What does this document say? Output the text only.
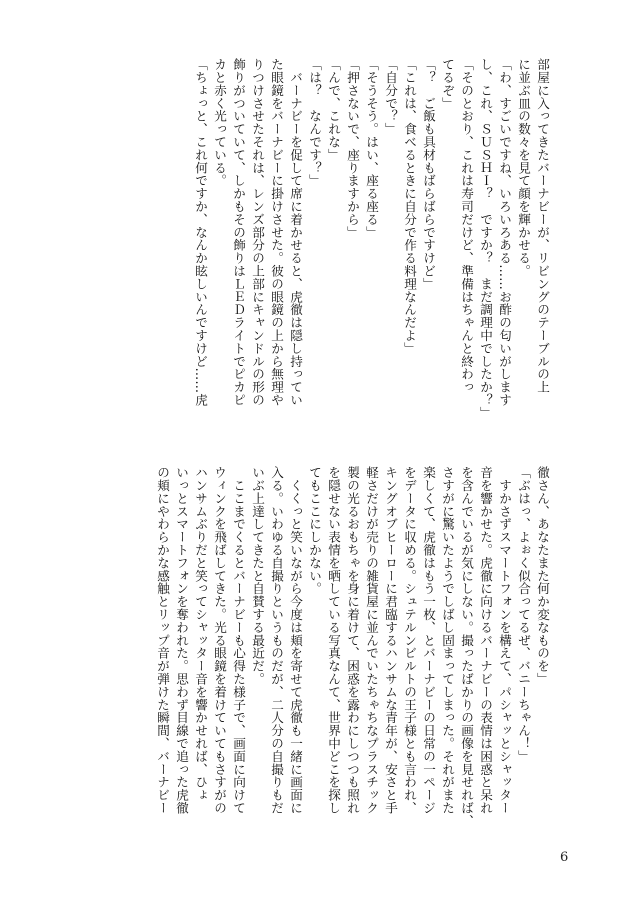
部屋に入ってきたバーナビーが、リビングのテーブルの上
に並ぶ皿の数々を見て顔を輝かせる。
「わ、すごいですね、いろいろある……お酢の匂いがします
し、これ、ＳＵＳＨＩ？　ですか？　まだ調理中でしたか？」
「そのとおり、これは寿司だけど、準備はちゃんと終わっ
てるぞ」
「？　ご飯も具材もばらばらですけど」
「これは、食べるときに自分で作る料理なんだよ」
「自分で？」
「そうそう。はい、座る座る」
「押さないで、座りますから」
「んで、これな」
「は？　なんです？」
　バーナビーを促して席に着かせると、虎徹は隠し持ってい
た眼鏡をバーナビーに掛けさせた。彼の眼鏡の上から無理や
りつけさせたそれは、レンズ部分の上部にキャンドルの形の
飾りがついていて、しかもその飾りはＬＥＤライトでピカピ
カと赤く光っている。
「ちょっと、これ何ですか、なんか眩しいんですけど……虎
徹さん、あなたまた何か変なものを」
「ぶはっ、よぉく似合ってるぜ、バニーちゃん！」
　すかさずスマートフォンを構えて、パシャッとシャッター
音を響かせた。虎徹に向けるバーナビーの表情は困惑と呆れ
を含んでいるが気にしない。撮ったばかりの画像を見せれば、
さすがに驚いたようでしばし固まってしまった。それがまた
楽しくて、虎徹はもう一枚、とバーナビーの日常の一ページ
をデータに収める。シュテルンビルトの王子様とも言われ、
キングオブヒーローに君臨するハンサムな青年が、安さと手
軽さだけが売りの雑貨屋に並んでいたちゃちなプラスチック
製の光るおもちゃを身に着けて、困惑を露わにしつつも照れ
を隠せない表情を晒している写真なんて、世界中どこを探し
てもここにしかない。
　くくっと笑いながら今度は頬を寄せて虎徹も一緒に画面に
入る。いわゆる自撮りというものだが、二人分の自撮りもだ
いぶ上達してきたと自賛する最近だ。
　ここまでくるとバーナビーも心得た様子で、画面に向けて
ウィンクを飛ばしてきた。光る眼鏡を着けていてもさすがの
ハンサムぶりだと笑ってシャッター音を響かせれば、ひょ
いっとスマートフォンを奪われた。思わず目線で追った虎徹
の頬にやわらかな感触とリップ音が弾けた瞬間、バーナビー
6
